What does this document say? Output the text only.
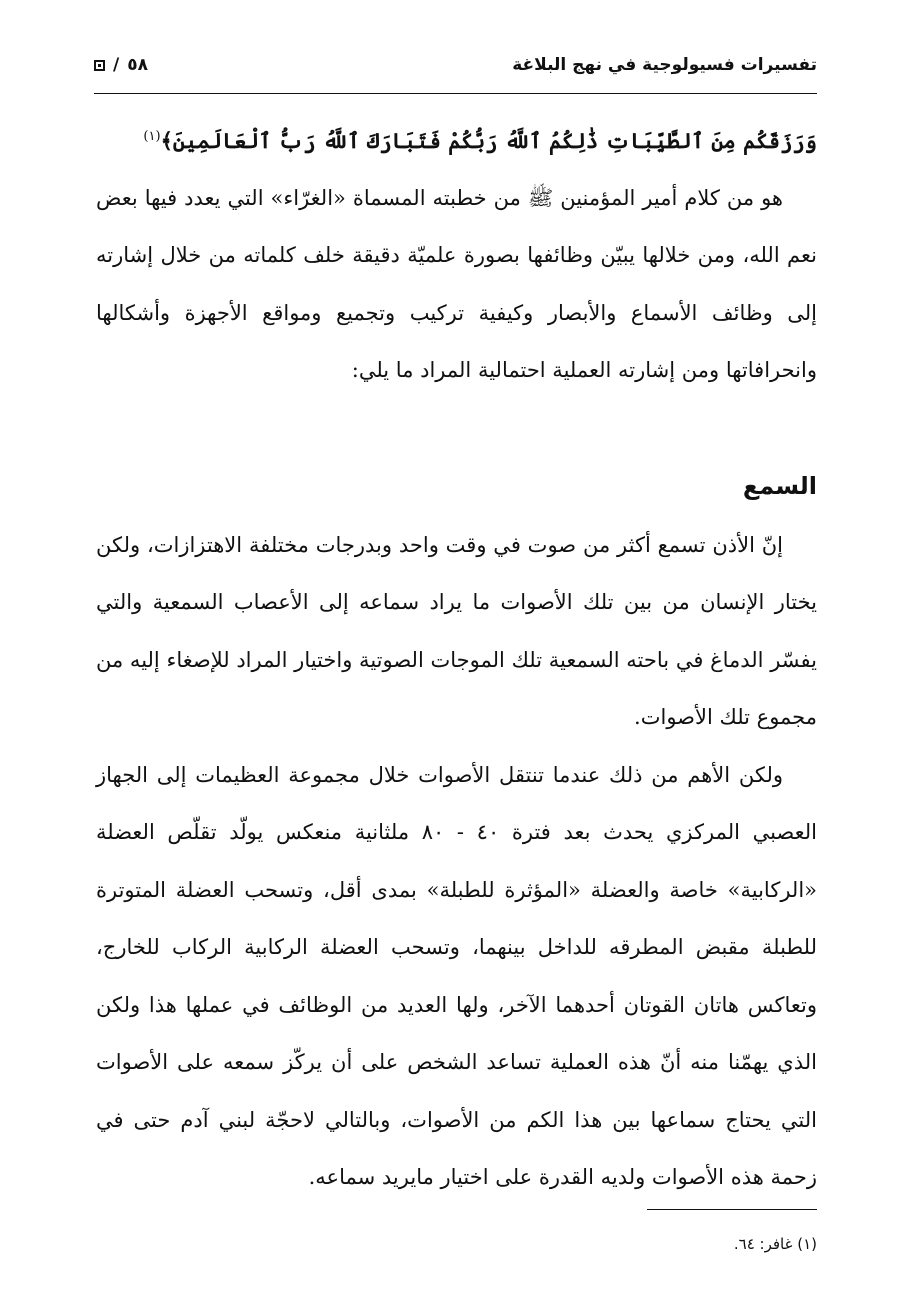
تفسيرات فسيولوجية في نهج البلاغة
/ ٥٨

وَرَزَقَكُم مِنَ ٱلطَّيِّبَاتِ ذَٰلِكُمُ ٱللَّهُ رَبُّكُمْ فَتَبَارَكَ ٱللَّهُ رَبُّ ٱلْعَالَمِينَ﴾$^{(١)}$

هو من كلام أمير المؤمنين ﷺ من خطبته المسماة «الغرّاء» التي يعدد فيها بعض نعم الله، ومن خلالها يبيّن وظائفها بصورة علميّة دقيقة خلف كلماته من خلال إشارته إلى وظائف الأسماع والأبصار وكيفية تركيب وتجميع ومواقع الأجهزة وأشكالها وانحرافاتها ومن إشارته العملية احتمالية المراد ما يلي:

السمع

إنّ الأذن تسمع أكثر من صوت في وقت واحد وبدرجات مختلفة الاهتزازات، ولكن يختار الإنسان من بين تلك الأصوات ما يراد سماعه إلى الأعصاب السمعية والتي يفسّر الدماغ في باحته السمعية تلك الموجات الصوتية واختيار المراد للإصغاء إليه من مجموع تلك الأصوات.

ولكن الأهم من ذلك عندما تنتقل الأصوات خلال مجموعة العظيمات إلى الجهاز العصبي المركزي يحدث بعد فترة ٤٠ - ٨٠ ملثانية منعكس يولّد تقلّص العضلة «الركابية» خاصة والعضلة «المؤثرة للطبلة» بمدى أقل، وتسحب العضلة المتوترة للطبلة مقبض المطرقه للداخل بينهما، وتسحب العضلة الركابية الركاب للخارج، وتعاكس هاتان القوتان أحدهما الآخر، ولها العديد من الوظائف في عملها هذا ولكن الذي يهمّنا منه أنّ هذه العملية تساعد الشخص على أن يركّز سمعه على الأصوات التي يحتاج سماعها بين هذا الكم من الأصوات، وبالتالي لاحجّة لبني آدم حتى في زحمة هذه الأصوات ولديه القدرة على اختيار مايريد سماعه.

(١) غافر: ٦٤.
